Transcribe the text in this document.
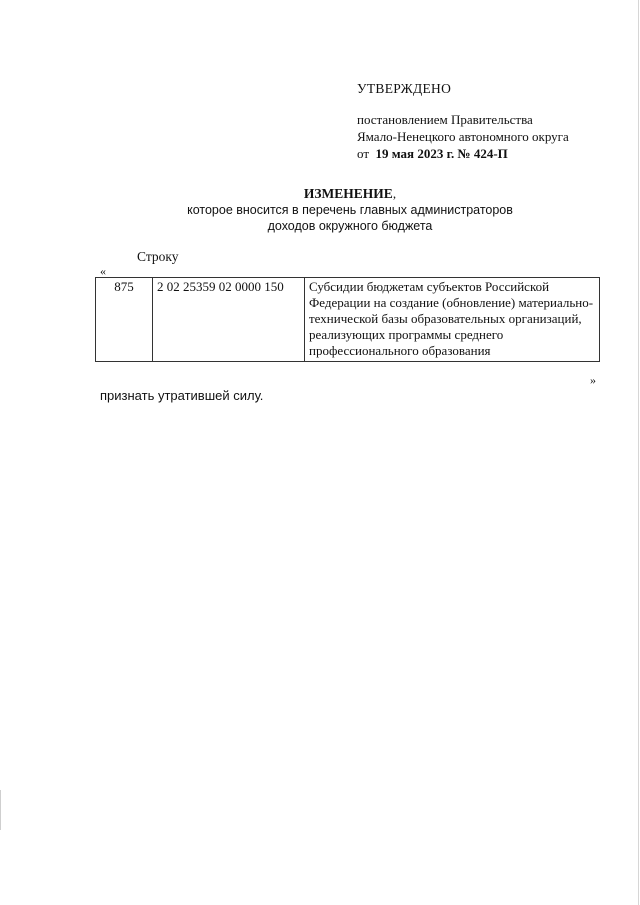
УТВЕРЖДЕНО
постановлением Правительства
Ямало-Ненецкого автономного округа
от 19 мая 2023 г. № 424-П
ИЗМЕНЕНИЕ,
которое вносится в перечень главных администраторов
доходов окружного бюджета
Строку
«
875	2 02 25359 02 0000 150	Субсидии бюджетам субъектов Российской Федерации на создание (обновление) материально-технической базы образовательных организаций, реализующих программы среднего профессионального образования
»
признать утратившей силу.
